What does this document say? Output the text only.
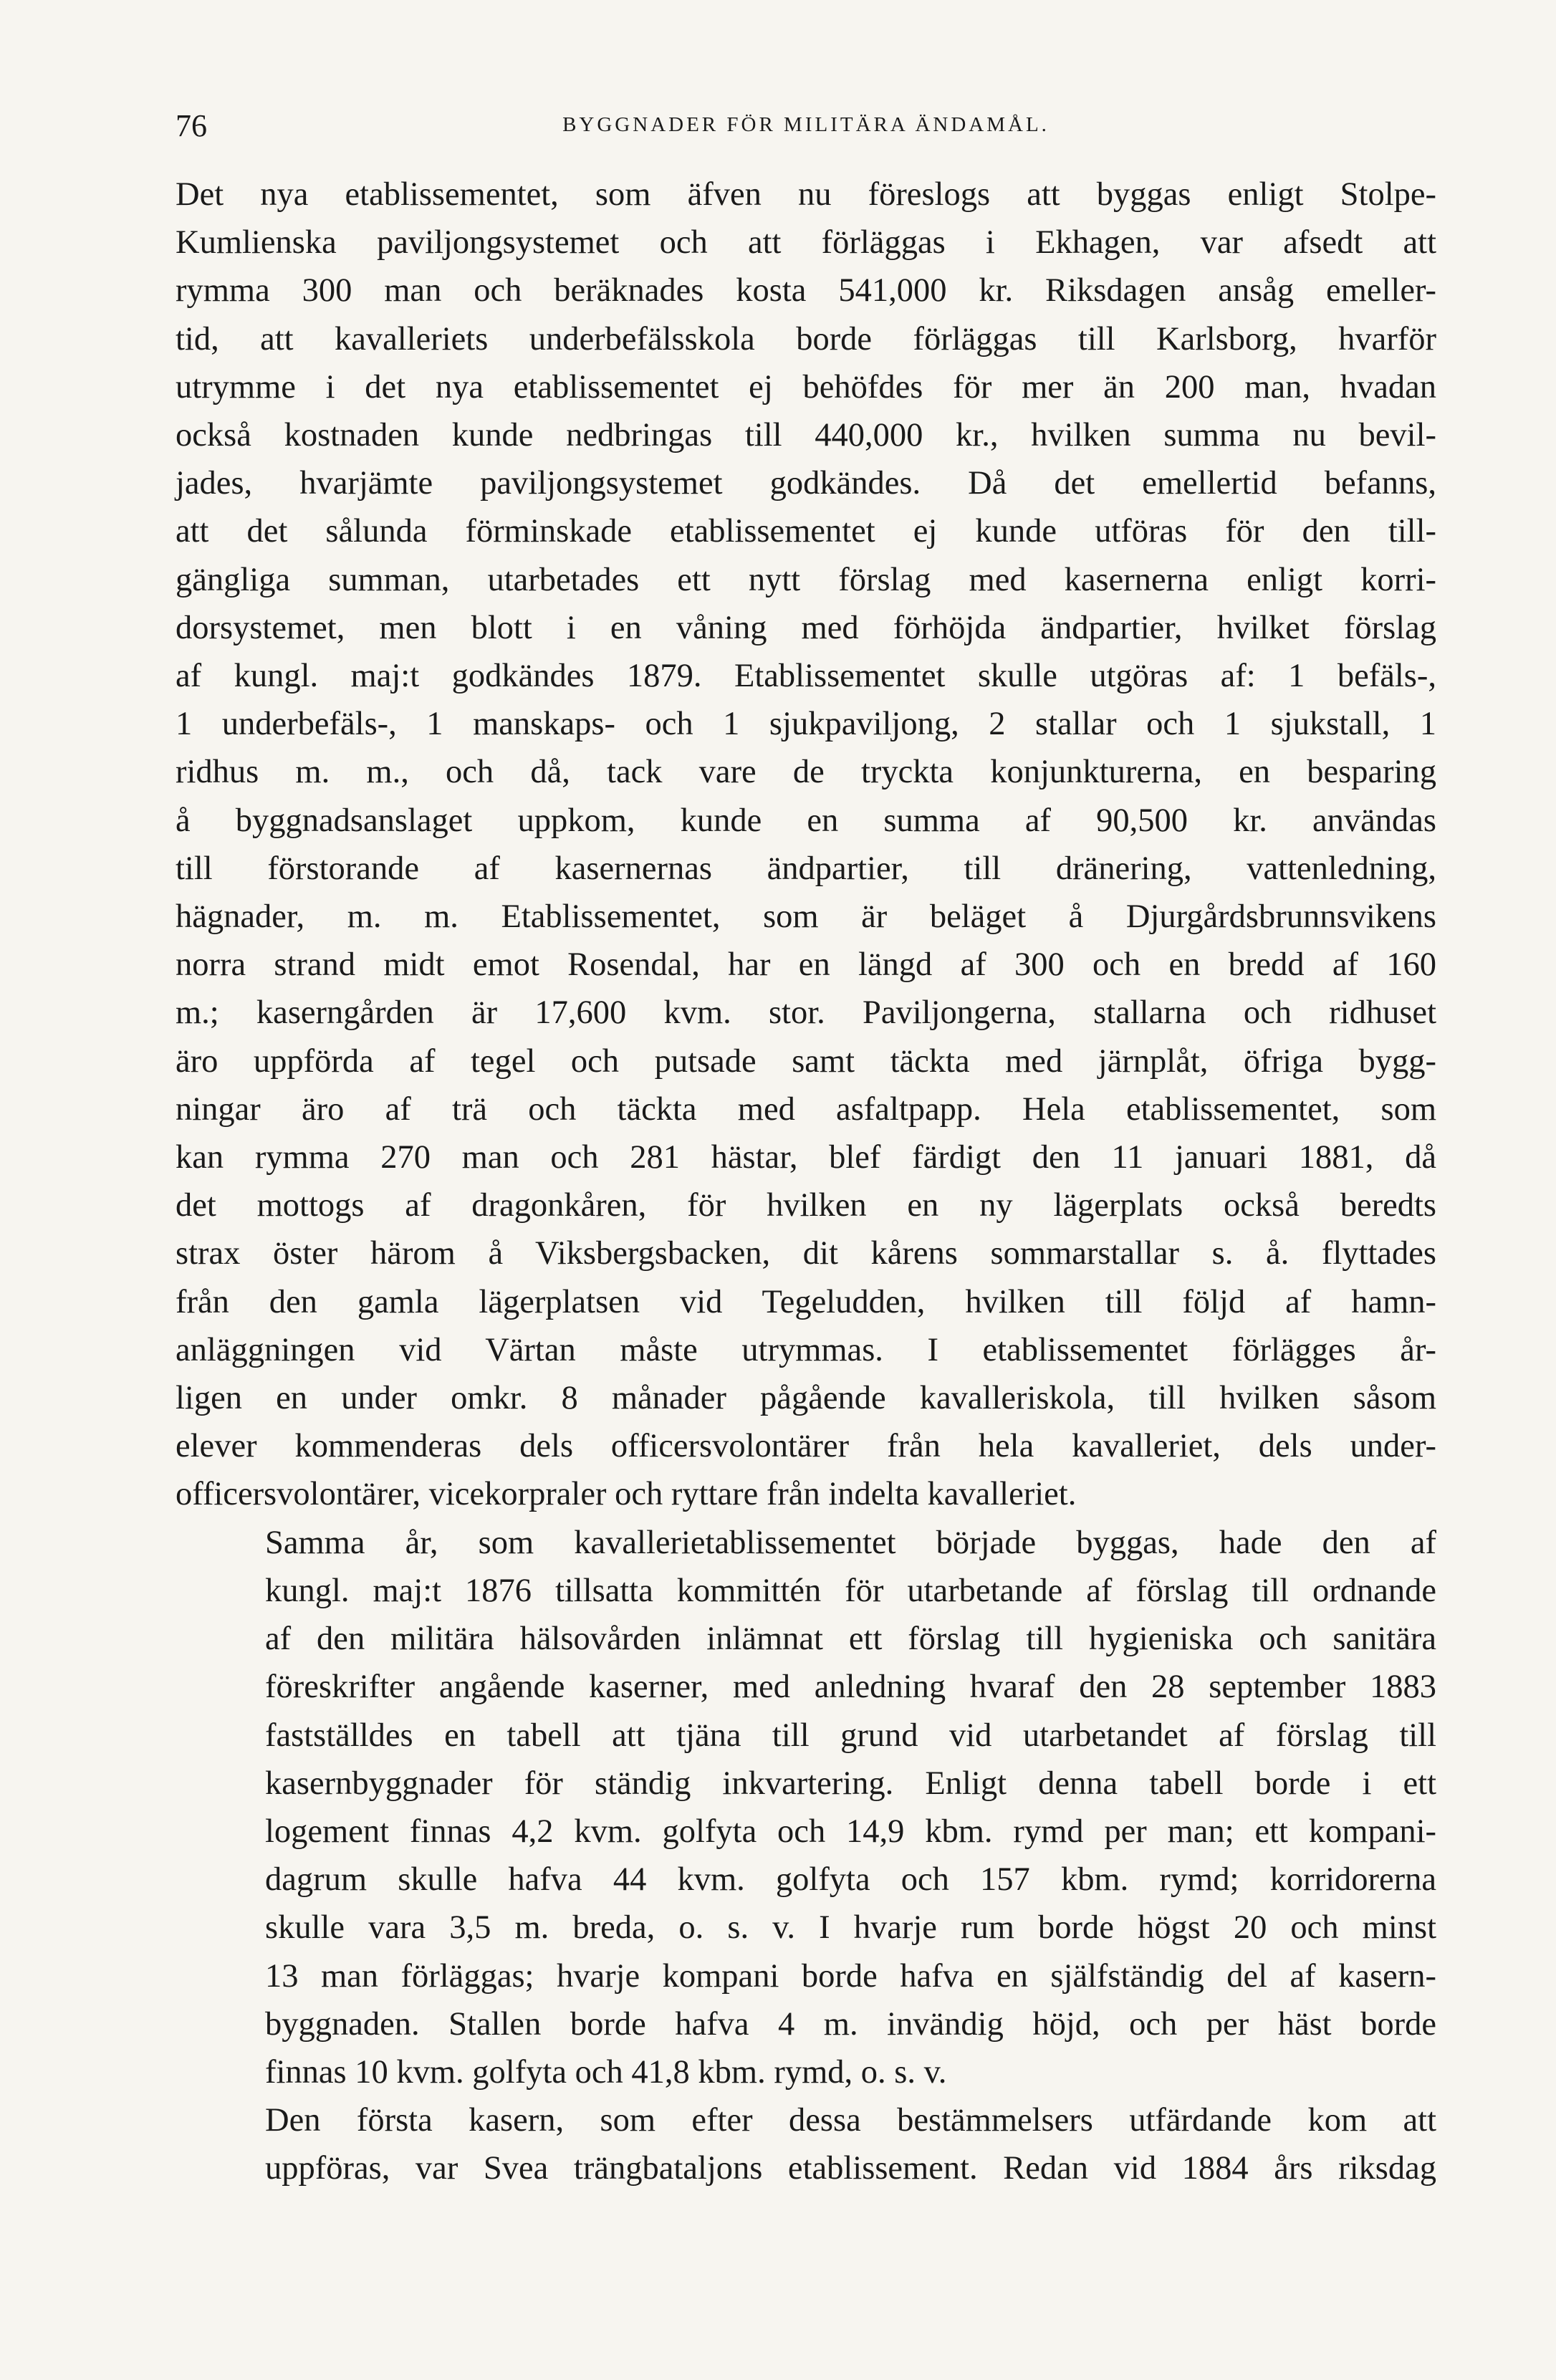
76	BYGGNADER FÖR MILITÄRA ÄNDAMÅL.

Det nya etablissementet, som äfven nu föreslogs att byggas enligt Stolpe-
Kumlienska paviljongsystemet och att förläggas i Ekhagen, var afsedt att
rymma 300 man och beräknades kosta 541,000 kr. Riksdagen ansåg emeller-
tid, att kavalleriets underbefälsskola borde förläggas till Karlsborg, hvarför
utrymme i det nya etablissementet ej behöfdes för mer än 200 man, hvadan
också kostnaden kunde nedbringas till 440,000 kr., hvilken summa nu bevil-
jades, hvarjämte paviljongsystemet godkändes. Då det emellertid befanns,
att det sålunda förminskade etablissementet ej kunde utföras för den till-
gängliga summan, utarbetades ett nytt förslag med kasernerna enligt korri-
dorsystemet, men blott i en våning med förhöjda ändpartier, hvilket förslag
af kungl. maj:t godkändes 1879. Etablissementet skulle utgöras af: 1 befäls-,
1 underbefäls-, 1 manskaps- och 1 sjukpaviljong, 2 stallar och 1 sjukstall, 1
ridhus m. m., och då, tack vare de tryckta konjunkturerna, en besparing
å byggnadsanslaget uppkom, kunde en summa af 90,500 kr. användas
till förstorande af kasernernas ändpartier, till dränering, vattenledning,
hägnader, m. m. Etablissementet, som är beläget å Djurgårdsbrunnsvikens
norra strand midt emot Rosendal, har en längd af 300 och en bredd af 160
m.; kaserngården är 17,600 kvm. stor. Paviljongerna, stallarna och ridhuset
äro uppförda af tegel och putsade samt täckta med järnplåt, öfriga bygg-
ningar äro af trä och täckta med asfaltpapp. Hela etablissementet, som
kan rymma 270 man och 281 hästar, blef färdigt den 11 januari 1881, då
det mottogs af dragonkåren, för hvilken en ny lägerplats också beredts
strax öster härom å Viksbergsbacken, dit kårens sommarstallar s. å. flyttades
från den gamla lägerplatsen vid Tegeludden, hvilken till följd af hamn-
anläggningen vid Värtan måste utrymmas. I etablissementet förlägges år-
ligen en under omkr. 8 månader pågående kavalleriskola, till hvilken såsom
elever kommenderas dels officersvolontärer från hela kavalleriet, dels under-
officersvolontärer, vicekorpraler och ryttare från indelta kavalleriet.

Samma år, som kavallerietablissementet började byggas, hade den af
kungl. maj:t 1876 tillsatta kommittén för utarbetande af förslag till ordnande
af den militära hälsovården inlämnat ett förslag till hygieniska och sanitära
föreskrifter angående kaserner, med anledning hvaraf den 28 september 1883
fastställdes en tabell att tjäna till grund vid utarbetandet af förslag till
kasernbyggnader för ständig inkvartering. Enligt denna tabell borde i ett
logement finnas 4,2 kvm. golfyta och 14,9 kbm. rymd per man; ett kompani-
dagrum skulle hafva 44 kvm. golfyta och 157 kbm. rymd; korridorerna
skulle vara 3,5 m. breda, o. s. v. I hvarje rum borde högst 20 och minst
13 man förläggas; hvarje kompani borde hafva en själfständig del af kasern-
byggnaden. Stallen borde hafva 4 m. invändig höjd, och per häst borde
finnas 10 kvm. golfyta och 41,8 kbm. rymd, o. s. v.

Den första kasern, som efter dessa bestämmelsers utfärdande kom att
uppföras, var Svea trängbataljons etablissement. Redan vid 1884 års riksdag
